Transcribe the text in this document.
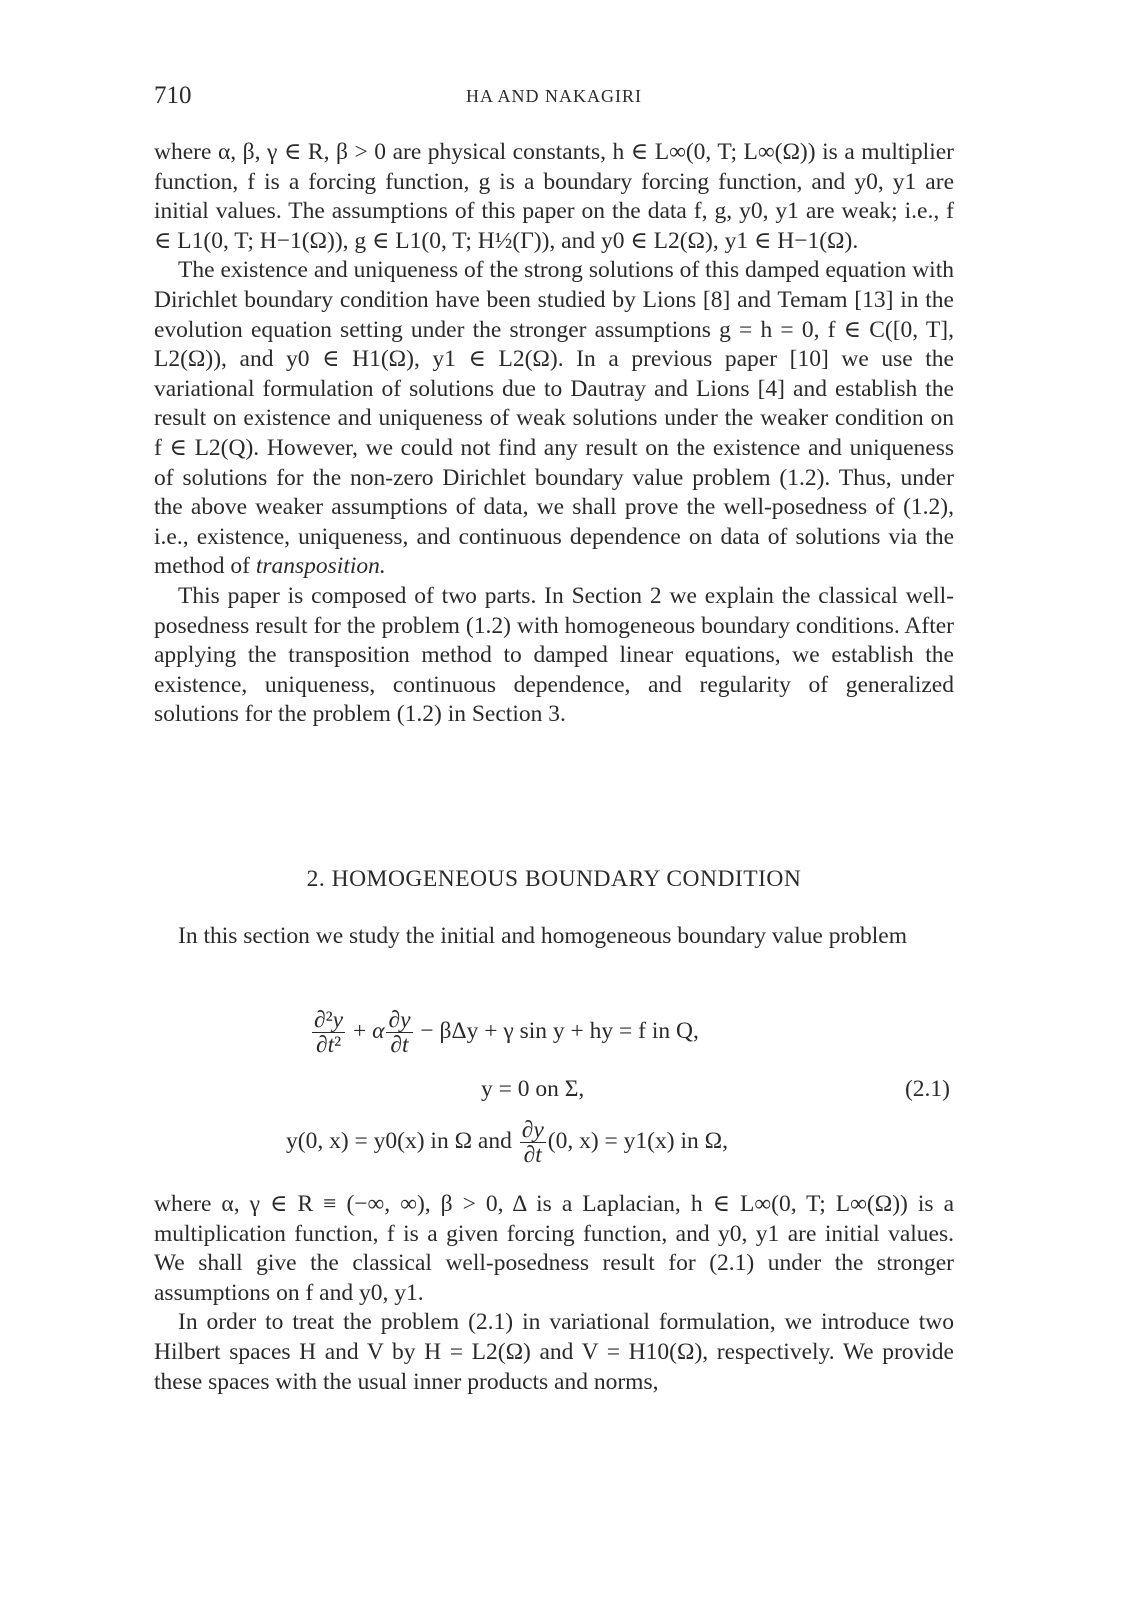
710	HA AND NAKAGIRI

where α, β, γ ∈ R, β > 0 are physical constants, h ∈ L∞(0, T; L∞(Ω)) is a multiplier function, f is a forcing function, g is a boundary forcing function, and y0, y1 are initial values. The assumptions of this paper on the data f, g, y0, y1 are weak; i.e., f ∈ L1(0, T; H−1(Ω)), g ∈ L1(0, T; H½(Γ)), and y0 ∈ L2(Ω), y1 ∈ H−1(Ω).

The existence and uniqueness of the strong solutions of this damped equation with Dirichlet boundary condition have been studied by Lions [8] and Temam [13] in the evolution equation setting under the stronger assumptions g = h = 0, f ∈ C([0, T], L2(Ω)), and y0 ∈ H1(Ω), y1 ∈ L2(Ω). In a previous paper [10] we use the variational formulation of solutions due to Dautray and Lions [4] and establish the result on existence and uniqueness of weak solutions under the weaker condition on f ∈ L2(Q). However, we could not find any result on the existence and uniqueness of solutions for the non-zero Dirichlet boundary value problem (1.2). Thus, under the above weaker assumptions of data, we shall prove the well-posedness of (1.2), i.e., existence, uniqueness, and continuous dependence on data of solutions via the method of transposition.

This paper is composed of two parts. In Section 2 we explain the classical well-posedness result for the problem (1.2) with homogeneous boundary conditions. After applying the transposition method to damped linear equations, we establish the existence, uniqueness, continuous dependence, and regularity of generalized solutions for the problem (1.2) in Section 3.

2. HOMOGENEOUS BOUNDARY CONDITION

In this section we study the initial and homogeneous boundary value problem

$\frac{\text{∂²y}}{\text{∂t²}} + \alpha \frac{\partial y}{\partial t} - \beta\Delta y + \gamma$ sin y + hy = f in Q,
y = 0 on Σ,	(2.1)
y(0, x) = y0(x) in Ω and $\frac{\partial y}{\partial t} (0$, x) = y1(x) in Ω,

where α, γ ∈ R ≡ (−∞, ∞), β > 0, Δ is a Laplacian, h ∈ L∞(0, T; L∞(Ω)) is a multiplication function, f is a given forcing function, and y0, y1 are initial values. We shall give the classical well-posedness result for (2.1) under the stronger assumptions on f and y0, y1.

In order to treat the problem (2.1) in variational formulation, we introduce two Hilbert spaces H and V by H = L2(Ω) and V = H10(Ω), respectively. We provide these spaces with the usual inner products and norms,
